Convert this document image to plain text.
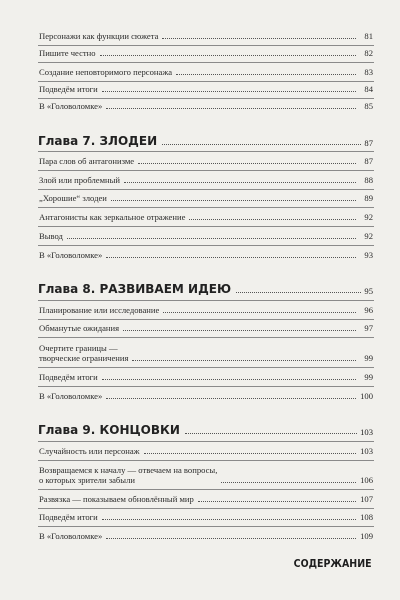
Персонажи как функции сюжета	81
Пишите честно	82
Создание неповторимого персонажа	83
Подведём итоги	84
В «Головоломке»	85
Глава 7. ЗЛОДЕИ	87
Пара слов об антагонизме	87
Злой или проблемный	88
„Хорошие“ злодеи	89
Антагонисты как зеркальное отражение	92
Вывод	92
В «Головоломке»	93
Глава 8. РАЗВИВАЕМ ИДЕЮ	95
Планирование или исследование	96
Обманутые ожидания	97
Очертите границы —
творческие ограничения	99
Подведём итоги	99
В «Головоломке»	100
Глава 9. КОНЦОВКИ	103
Случайность или персонаж	103
Возвращаемся к началу — отвечаем на вопросы,
о которых зрители забыли	106
Развязка — показываем обновлённый мир	107
Подведём итоги	108
В «Головоломке»	109
СОДЕРЖАНИЕ
